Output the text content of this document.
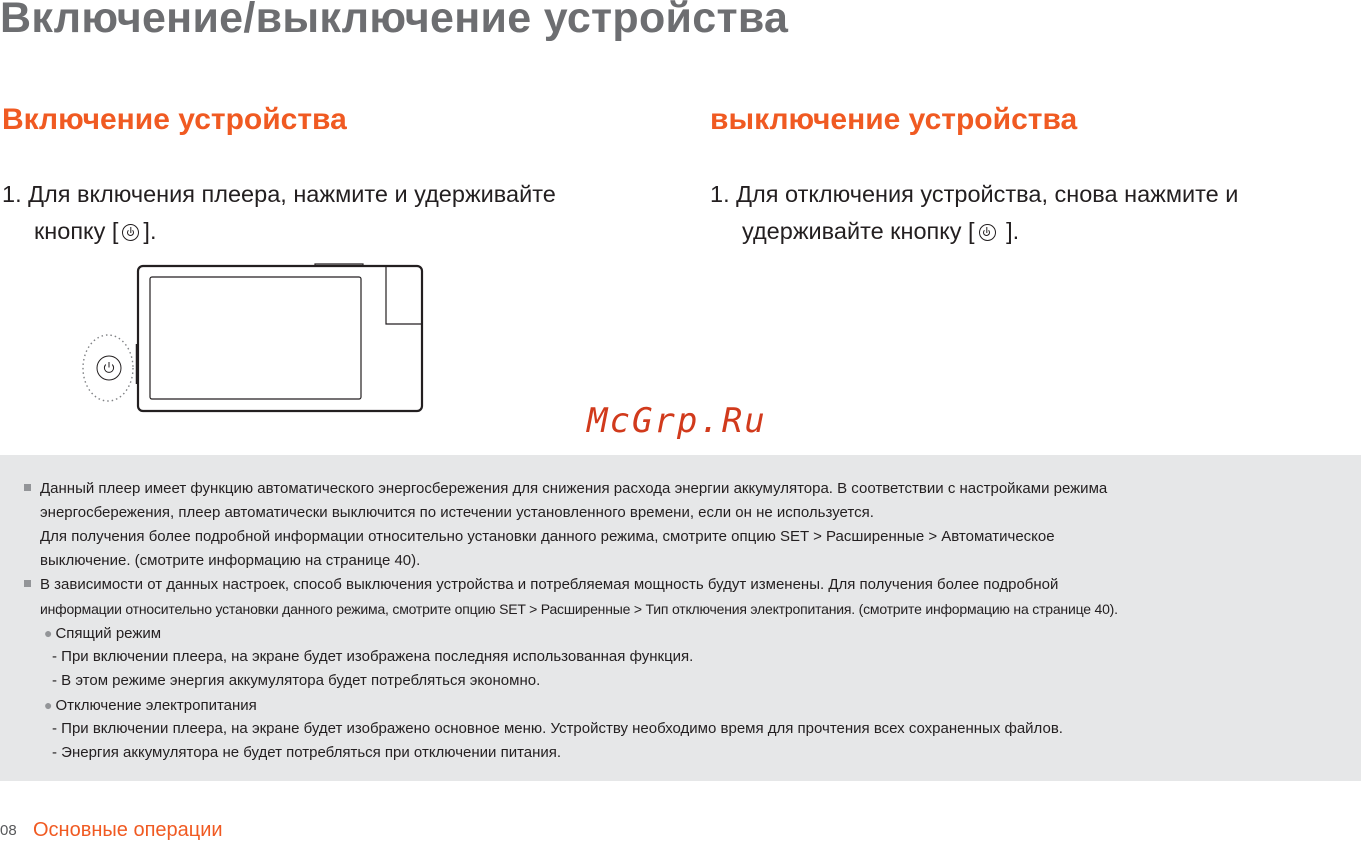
Включение/выключение устройства
Включение устройства	выключение устройства
1. Для включения плеера, нажмите и удерживайте
кнопку [ ].
1. Для отключения устройства, снова нажмите и
удерживайте кнопку [ ].
McGrp.Ru
Данный плеер имеет функцию автоматического энергосбережения для снижения расхода энергии аккумулятора. В соответствии с настройками режима
энергосбережения, плеер автоматически выключится по истечении установленного времени, если он не используется.
Для получения более подробной информации относительно установки данного режима, смотрите опцию SET > Расширенные > Автоматическое
выключение. (смотрите информацию на странице 40).
В зависимости от данных настроек, способ выключения устройства и потребляемая мощность будут изменены. Для получения более подробной
информации относительно установки данного режима, смотрите опцию SET > Расширенные > Тип отключения электропитания. (смотрите информацию на странице 40).
● Спящий режим
- При включении плеера, на экране будет изображена последняя использованная функция.
- В этом режиме энергия аккумулятора будет потребляться экономно.
● Отключение электропитания
- При включении плеера, на экране будет изображено основное меню. Устройству необходимо время для прочтения всех сохраненных файлов.
- Энергия аккумулятора не будет потребляться при отключении питания.
08 Основные операции
